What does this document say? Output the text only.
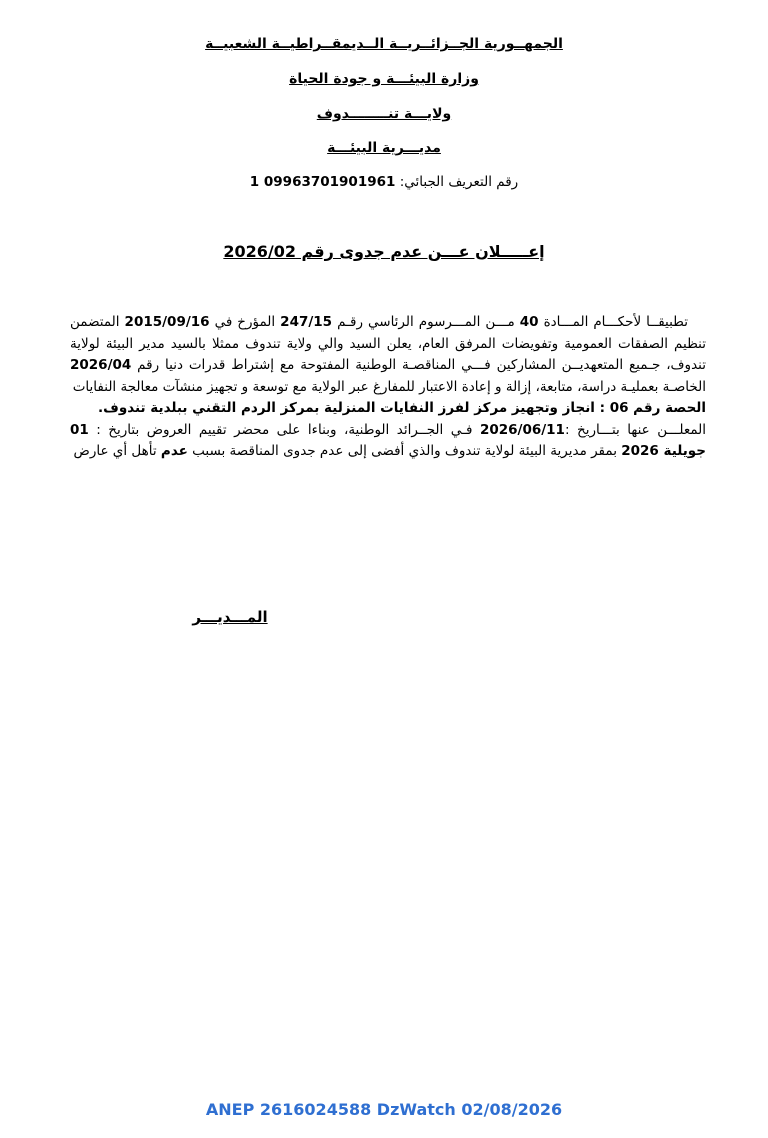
الجمهــورية الجــزائــريــة الــديمقــراطيــة الشعبيــة
وزارة البيئـــة و جودة الحياة
ولايـــة تنــــــــدوف
مديـــرية البيئـــة
رقم التعريف الجبائي: 09963701901961 1
إعـــــلان عـــن عدم جدوى رقم 2026/02

تطبيقــا لأحكـــام المـــادة 40 مـــن المـــرسوم الرئاسي رقـم 247/15 المؤرخ في 2015/09/16 المتضمن تنظيم الصفقات العمومية وتفويضات المرفق العام، يعلن السيد والي ولاية تندوف ممثلا بالسيد مدير البيئة لولاية تندوف، جـميع المتعهديــن المشاركين فـــي المناقصـة الوطنية المفتوحة مع إشتراط قدرات دنيا رقم 2026/04 الخاصـة بعمليـة دراسة، متابعة، إزالة و إعادة الاعتبار للمفارغ عبر الولاية مع توسعة و تجهيز منشآت معالجة النفايات

الحصة رقم 06 : انجاز وتجهيز مركز لفرز النفايات المنزلية بمركز الردم التقني ببلدية تندوف.

المعلـــن عنها بتـــاريخ :2026/06/11 فـي الجــرائد الوطنية، وبناءا على محضر تقييم العروض بتاريخ : 01 جويلية 2026 بمقر مديرية البيئة لولاية تندوف والذي أفضى إلى عدم جدوى المناقصة بسبب عدم تأهل أي عارض

المـــديـــر
ANEP 2616024588 DzWatch 02/08/2026
